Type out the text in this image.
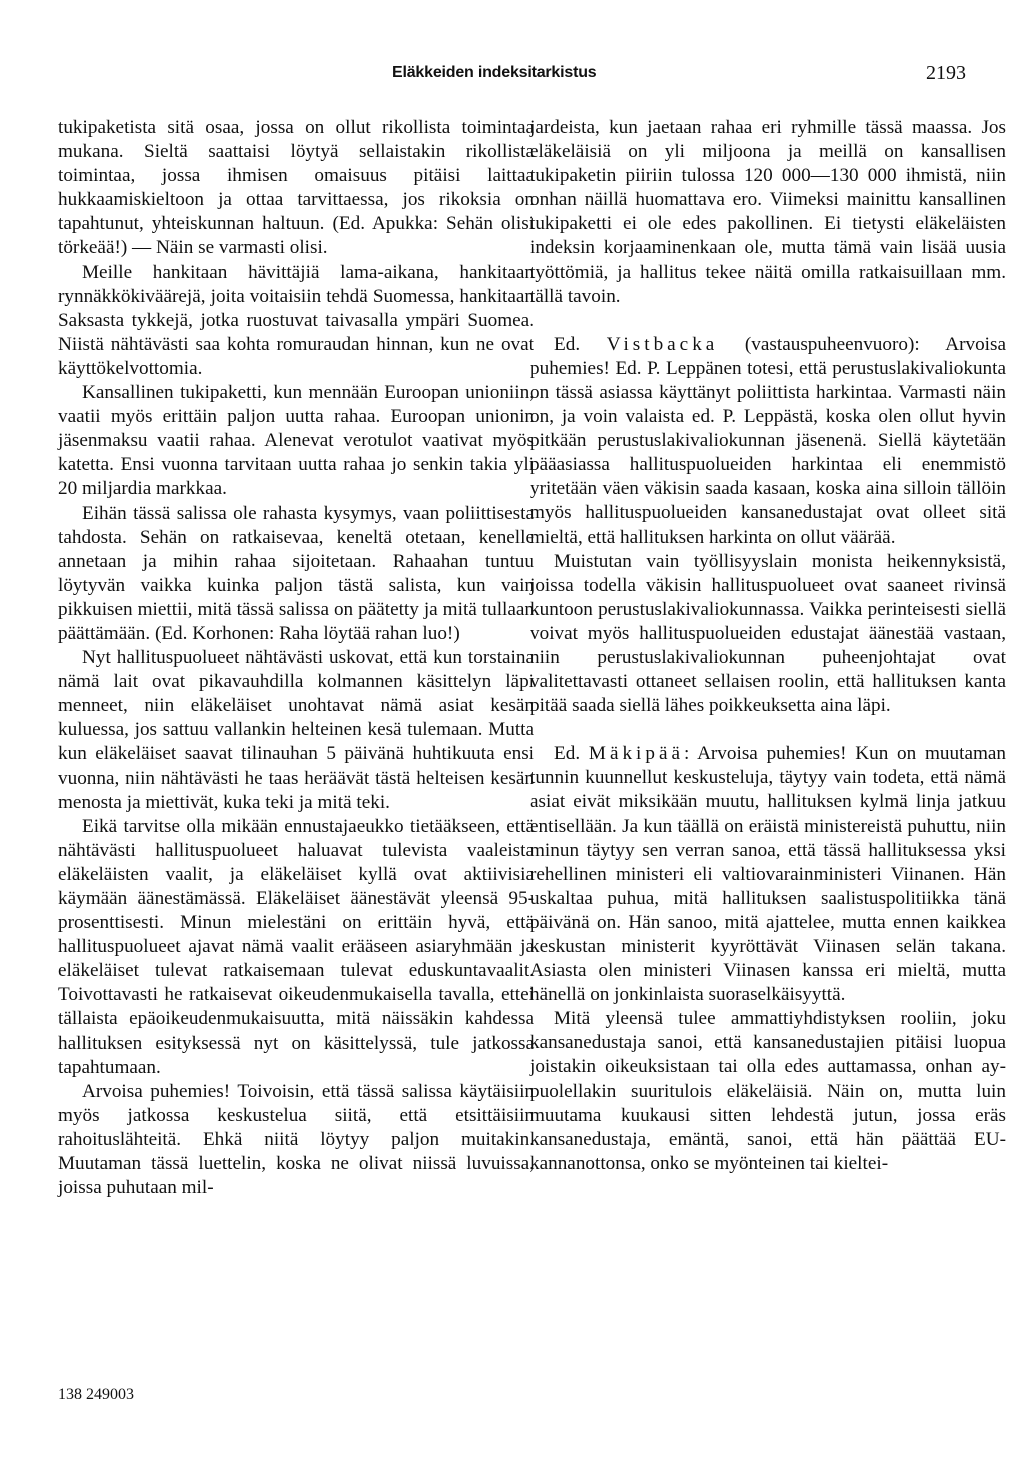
Eläkkeiden indeksitarkistus	2193

tukipaketista sitä osaa, jossa on ollut rikollista toimintaa mukana. Sieltä saattaisi löytyä sellaistakin rikollista toimintaa, jossa ihmisen omaisuus pitäisi laittaa hukkaamiskieltoon ja ottaa tarvittaessa, jos rikoksia on tapahtunut, yhteiskunnan haltuun. (Ed. Apukka: Sehän olisi törkeää!) — Näin se varmasti olisi.

Meille hankitaan hävittäjiä lama-aikana, hankitaan rynnäkkökiväärejä, joita voitaisiin tehdä Suomessa, hankitaan Saksasta tykkejä, jotka ruostuvat taivasalla ympäri Suomea. Niistä nähtävästi saa kohta romuraudan hinnan, kun ne ovat käyttökelvottomia.

Kansallinen tukipaketti, kun mennään Euroopan unioniin, vaatii myös erittäin paljon uutta rahaa. Euroopan unionin jäsenmaksu vaatii rahaa. Alenevat verotulot vaativat myös katetta. Ensi vuonna tarvitaan uutta rahaa jo senkin takia yli 20 miljardia markkaa.

Eihän tässä salissa ole rahasta kysymys, vaan poliittisesta tahdosta. Sehän on ratkaisevaa, keneltä otetaan, kenelle annetaan ja mihin rahaa sijoitetaan. Rahaahan tuntuu löytyvän vaikka kuinka paljon tästä salista, kun vain pikkuisen miettii, mitä tässä salissa on päätetty ja mitä tullaan päättämään. (Ed. Korhonen: Raha löytää rahan luo!)

Nyt hallituspuolueet nähtävästi uskovat, että kun torstaina nämä lait ovat pikavauhdilla kolmannen käsittelyn läpi menneet, niin eläkeläiset unohtavat nämä asiat kesän kuluessa, jos sattuu vallankin helteinen kesä tulemaan. Mutta kun eläkeläiset saavat tilinauhan 5 päivänä huhtikuuta ensi vuonna, niin nähtävästi he taas heräävät tästä helteisen kesän menosta ja miettivät, kuka teki ja mitä teki.

Eikä tarvitse olla mikään ennustajaeukko tietääkseen, että nähtävästi hallituspuolueet haluavat tulevista vaaleista eläkeläisten vaalit, ja eläkeläiset kyllä ovat aktiivisia käymään äänestämässä. Eläkeläiset äänestävät yleensä 95-prosenttisesti. Minun mielestäni on erittäin hyvä, että hallituspuolueet ajavat nämä vaalit erääseen asiaryhmään ja eläkeläiset tulevat ratkaisemaan tulevat eduskuntavaalit. Toivottavasti he ratkaisevat oikeudenmukaisella tavalla, ettei tällaista epäoikeudenmukaisuutta, mitä näissäkin kahdessa hallituksen esityksessä nyt on käsittelyssä, tule jatkossa tapahtumaan.

Arvoisa puhemies! Toivoisin, että tässä salissa käytäisiin myös jatkossa keskustelua siitä, että etsittäisiin rahoituslähteitä. Ehkä niitä löytyy paljon muitakin. Muutaman tässä luettelin, koska ne olivat niissä luvuissa, joissa puhutaan mil-

jardeista, kun jaetaan rahaa eri ryhmille tässä maassa. Jos eläkeläisiä on yli miljoona ja meillä on kansallisen tukipaketin piiriin tulossa 120 000—130 000 ihmistä, niin onhan näillä huomattava ero. Viimeksi mainittu kansallinen tukipaketti ei ole edes pakollinen. Ei tietysti eläkeläisten indeksin korjaaminenkaan ole, mutta tämä vain lisää uusia työttömiä, ja hallitus tekee näitä omilla ratkaisuillaan mm. tällä tavoin.

Ed. Vistbacka (vastauspuheenvuoro): Arvoisa puhemies! Ed. P. Leppänen totesi, että perustuslakivaliokunta on tässä asiassa käyttänyt poliittista harkintaa. Varmasti näin on, ja voin valaista ed. P. Leppästä, koska olen ollut hyvin pitkään perustuslakivaliokunnan jäsenenä. Siellä käytetään pääasiassa hallituspuolueiden harkintaa eli enemmistö yritetään väen väkisin saada kasaan, koska aina silloin tällöin myös hallituspuolueiden kansanedustajat ovat olleet sitä mieltä, että hallituksen harkinta on ollut väärää.

Muistutan vain työllisyyslain monista heikennyksistä, joissa todella väkisin hallituspuolueet ovat saaneet rivinsä kuntoon perustuslakivaliokunnassa. Vaikka perinteisesti siellä voivat myös hallituspuolueiden edustajat äänestää vastaan, niin perustuslakivaliokunnan puheenjohtajat ovat valitettavasti ottaneet sellaisen roolin, että hallituksen kanta pitää saada siellä lähes poikkeuksetta aina läpi.

Ed. Mäkipää: Arvoisa puhemies! Kun on muutaman tunnin kuunnellut keskusteluja, täytyy vain todeta, että nämä asiat eivät miksikään muutu, hallituksen kylmä linja jatkuu entisellään. Ja kun täällä on eräistä ministereistä puhuttu, niin minun täytyy sen verran sanoa, että tässä hallituksessa yksi rehellinen ministeri eli valtiovarainministeri Viinanen. Hän uskaltaa puhua, mitä hallituksen saalistuspolitiikka tänä päivänä on. Hän sanoo, mitä ajattelee, mutta ennen kaikkea keskustan ministerit kyyröttävät Viinasen selän takana. Asiasta olen ministeri Viinasen kanssa eri mieltä, mutta hänellä on jonkinlaista suoraselkäisyyttä.

Mitä yleensä tulee ammattiyhdistyksen rooliin, joku kansanedustaja sanoi, että kansanedustajien pitäisi luopua joistakin oikeuksistaan tai olla edes auttamassa, onhan ay-puolellakin suuritulois eläkeläisiä. Näin on, mutta luin muutama kuukausi sitten lehdestä jutun, jossa eräs kansanedustaja, emäntä, sanoi, että hän päättää EU-kannanottonsa, onko se myönteinen tai kieltei-

138 249003
